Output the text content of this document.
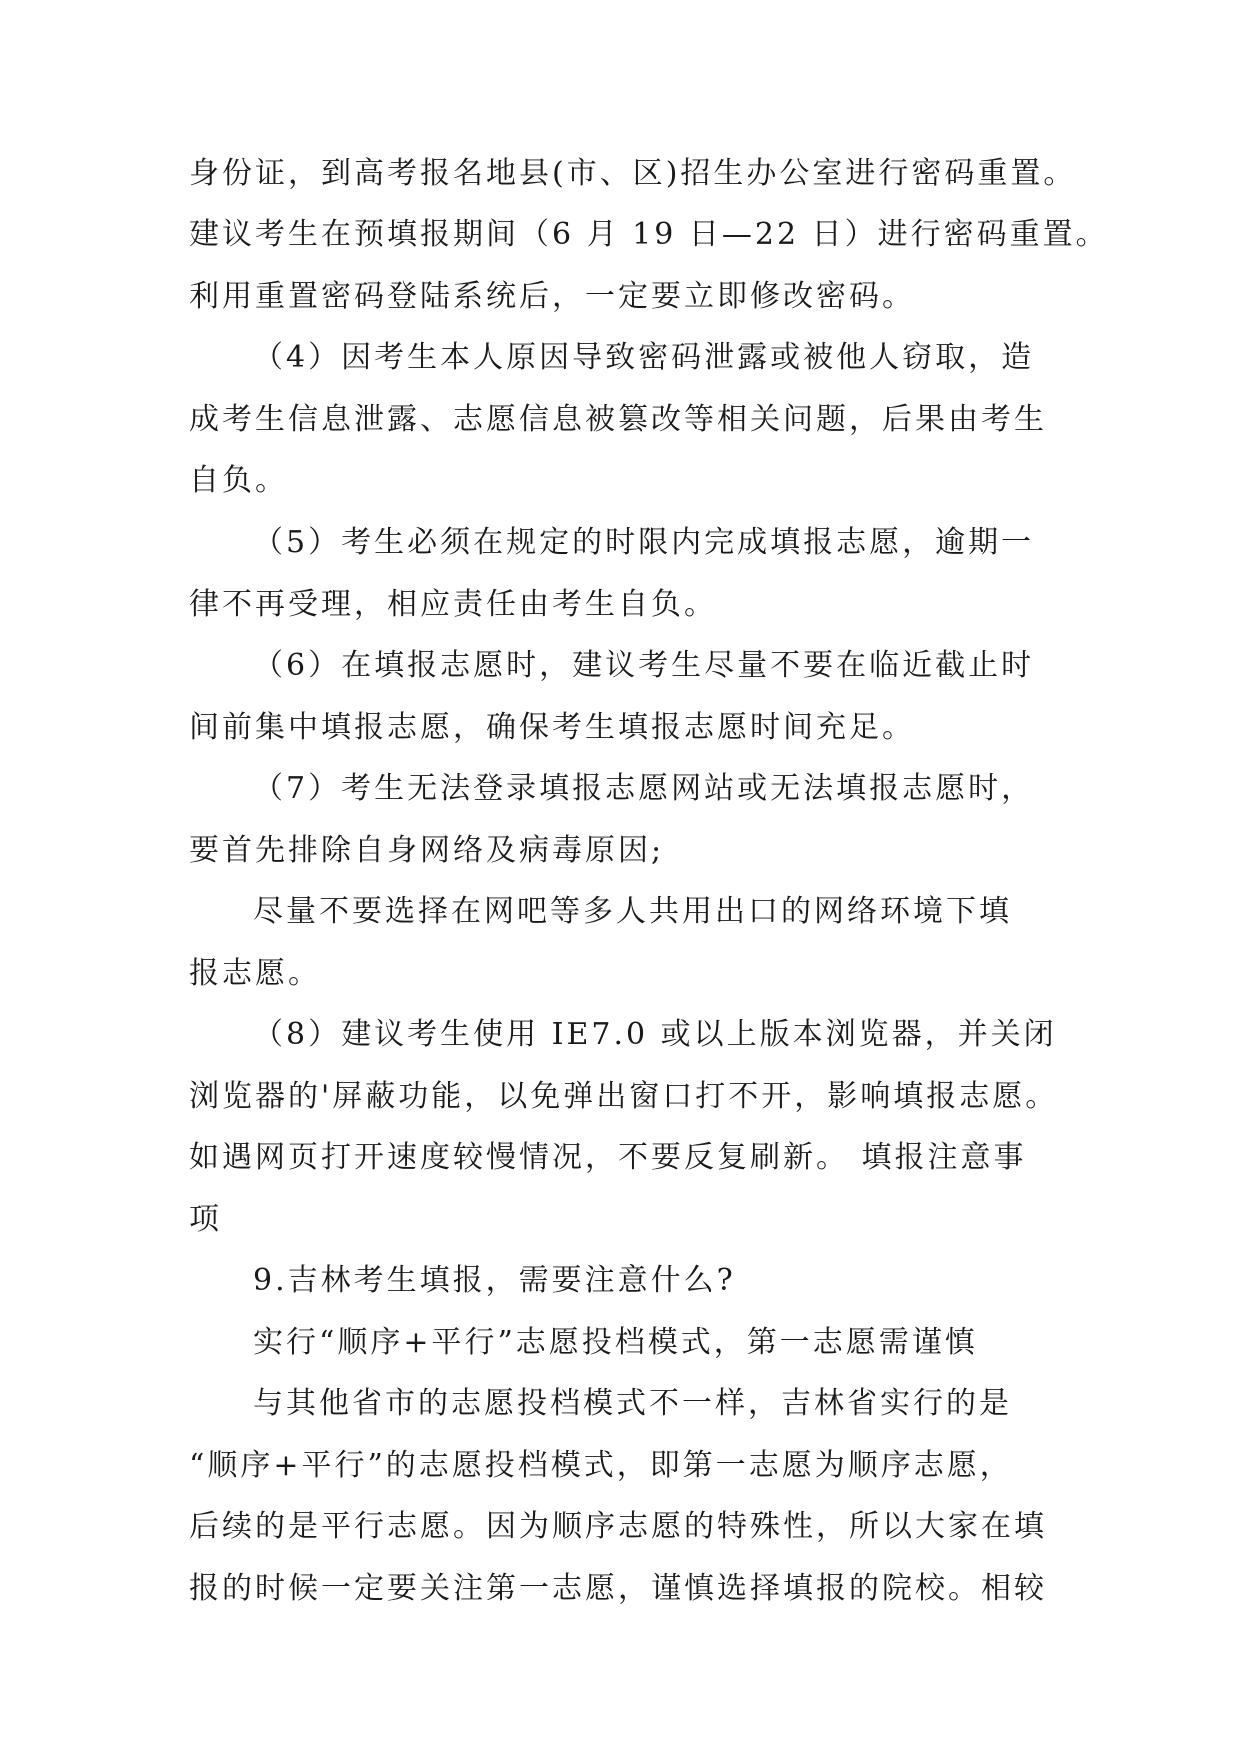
身份证，到高考报名地县(市、区)招生办公室进行密码重置。
建议考生在预填报期间（6 月 19 日—22 日）进行密码重置。
利用重置密码登陆系统后，一定要立即修改密码。
（4）因考生本人原因导致密码泄露或被他人窃取，造
成考生信息泄露、志愿信息被篡改等相关问题，后果由考生
自负。
（5）考生必须在规定的时限内完成填报志愿，逾期一
律不再受理，相应责任由考生自负。
（6）在填报志愿时，建议考生尽量不要在临近截止时
间前集中填报志愿，确保考生填报志愿时间充足。
（7）考生无法登录填报志愿网站或无法填报志愿时，
要首先排除自身网络及病毒原因;
尽量不要选择在网吧等多人共用出口的网络环境下填
报志愿。
（8）建议考生使用 IE7.0 或以上版本浏览器，并关闭
浏览器的'屏蔽功能，以免弹出窗口打不开，影响填报志愿。
如遇网页打开速度较慢情况，不要反复刷新。 填报注意事
项
9.吉林考生填报，需要注意什么?
实行“顺序+平行”志愿投档模式，第一志愿需谨慎
与其他省市的志愿投档模式不一样，吉林省实行的是
“顺序+平行”的志愿投档模式，即第一志愿为顺序志愿，
后续的是平行志愿。因为顺序志愿的特殊性，所以大家在填
报的时候一定要关注第一志愿，谨慎选择填报的院校。相较
